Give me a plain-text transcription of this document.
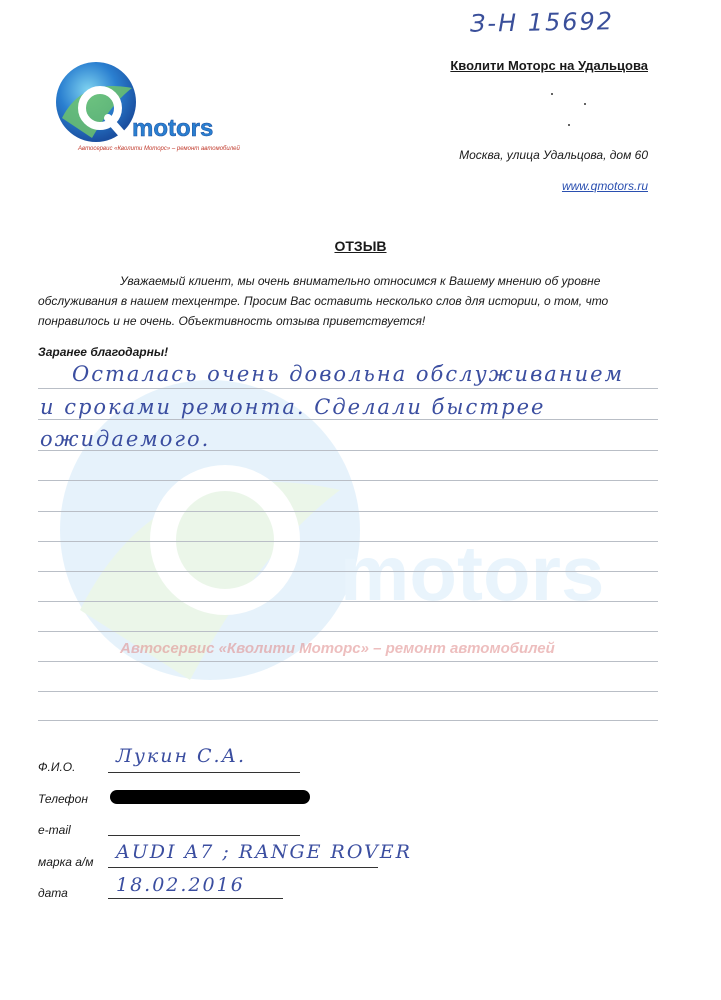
З-Н 15692
motors
Автосервис «Кволити Моторс» – ремонт автомобилей
Кволити Моторс на Удальцова
Москва, улица Удальцова, дом 60
www.qmotors.ru
motors
Автосервис «Кволити Моторс» – ремонт автомобилей
ОТЗЫВ
Уважаемый клиент, мы очень внимательно относимся к Вашему мнению об уровне обслуживания в нашем техцентре. Просим Вас оставить несколько слов для истории, о том, что понравилось и не очень. Объективность отзыва приветствуется!
Заранее благодарны!
Осталась очень довольна обслуживанием
и сроками ремонта. Сделали быстрее
ожидаемого.
Ф.И.О.	Лукин С.А.
Телефон
e-mail
марка а/м	AUDI A7 ; RANGE ROVER
дата	18.02.2016
